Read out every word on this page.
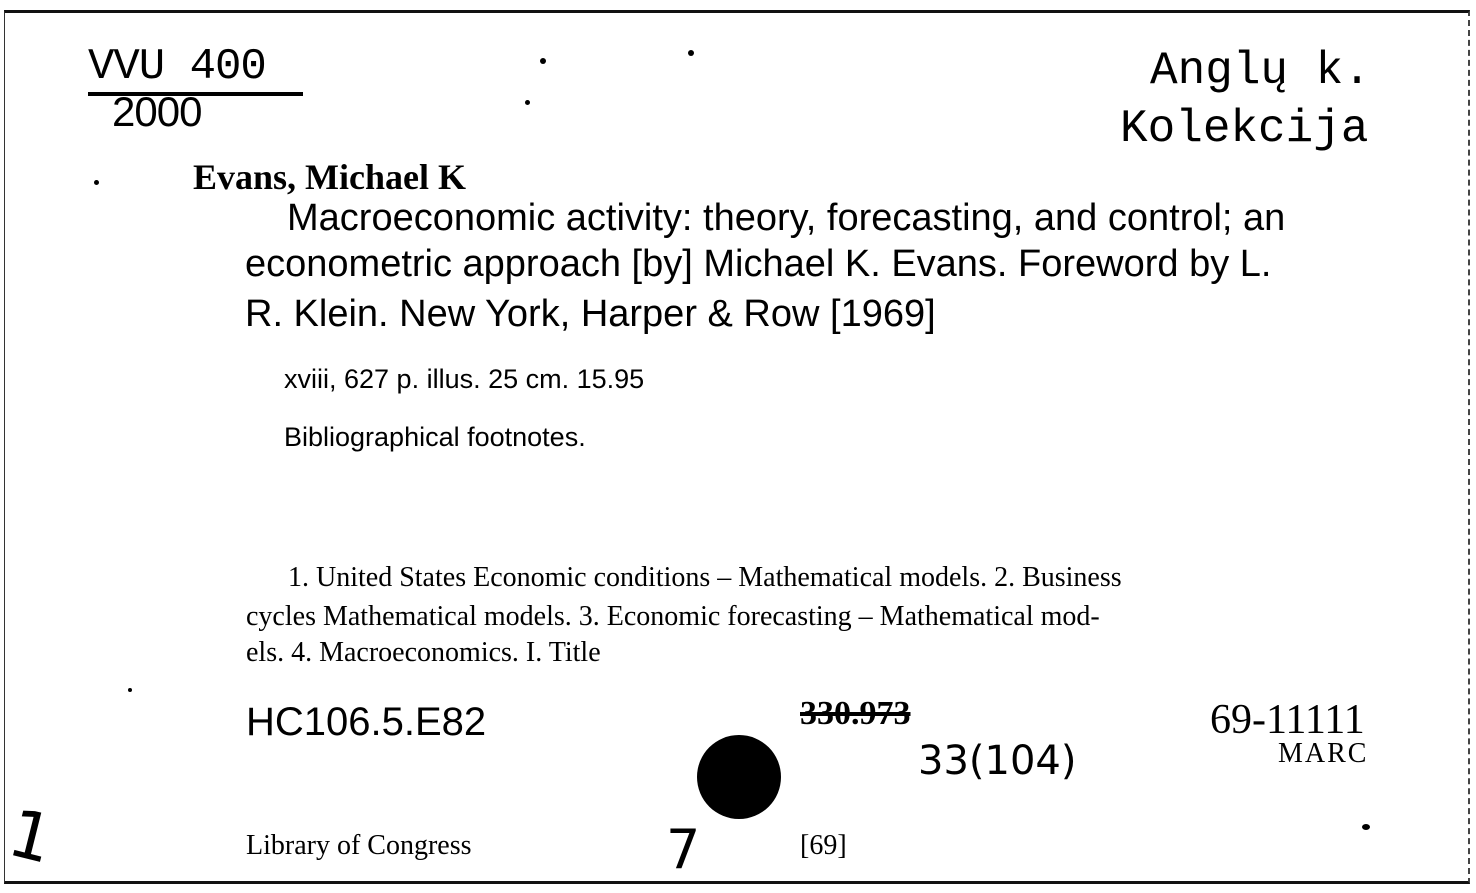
VVU 400
2000
Anglų k.
Kolekcija
Evans, Michael K
Macroeconomic activity: theory, forecasting, and control; an
econometric approach [by] Michael K. Evans. Foreword by L.
R. Klein. New York, Harper & Row [1969]
xviii, 627 p. illus. 25 cm. 15.95
Bibliographical footnotes.
1. United States Economic conditions – Mathematical models. 2. Business
cycles Mathematical models. 3. Economic forecasting – Mathematical mod-
els. 4. Macroeconomics. I. Title
HC106.5.E82	330.973
33(104)
69-11111
MARC
Library of Congress	7	[69]
1
